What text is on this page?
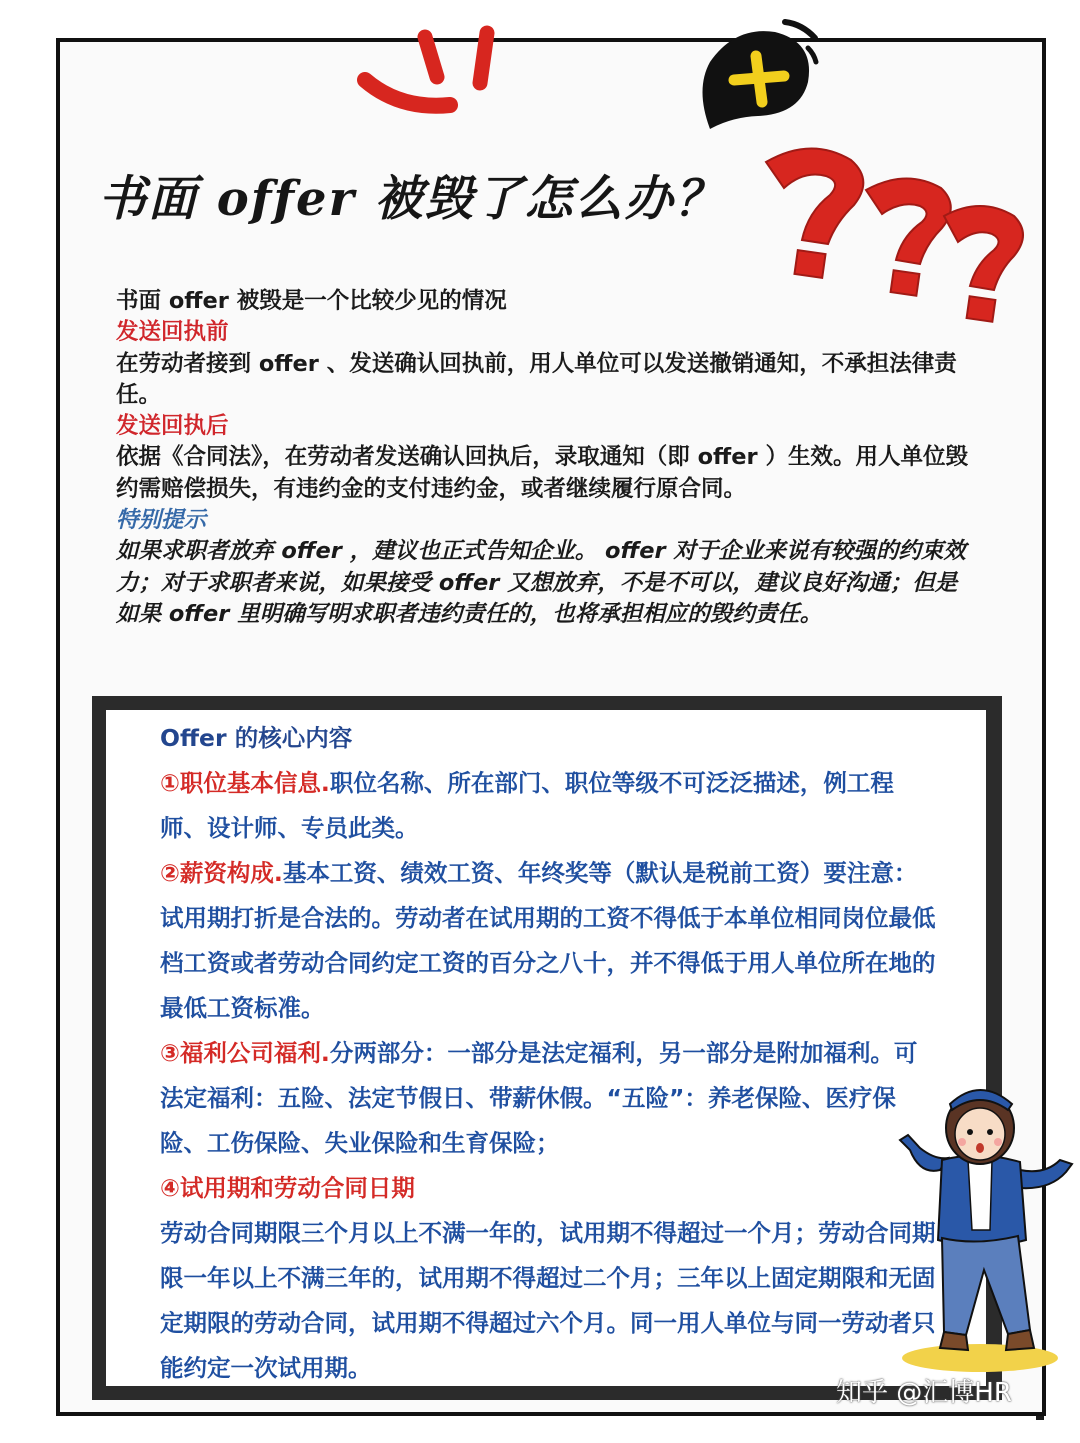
书面 offer 被毁了怎么办？

书面 offer 被毁是一个比较少见的情况

发送回执前

在劳动者接到 offer 、发送确认回执前，用人单位可以发送撤销通知，不承担法律责任。

发送回执后

依据《合同法》，在劳动者发送确认回执后，录取通知（即 offer ）生效。用人单位毁约需赔偿损失，有违约金的支付违约金，或者继续履行原合同。

特别提示

如果求职者放弃 offer ，建议也正式告知企业。 offer 对于企业来说有较强的约束效力；对于求职者来说，如果接受 offer 又想放弃，不是不可以，建议良好沟通；但是如果 offer 里明确写明求职者违约责任的，也将承担相应的毁约责任。

Offer 的核心内容

①职位基本信息.职位名称、所在部门、职位等级不可泛泛描述，例工程师、设计师、专员此类。

②薪资构成.基本工资、绩效工资、年终奖等（默认是税前工资）要注意：试用期打折是合法的。劳动者在试用期的工资不得低于本单位相同岗位最低档工资或者劳动合同约定工资的百分之八十，并不得低于用人单位所在地的最低工资标准。

③福利公司福利.分两部分：一部分是法定福利，另一部分是附加福利。可法定福利：五险、法定节假日、带薪休假。“五险”：养老保险、医疗保险、工伤保险、失业保险和生育保险；

④试用期和劳动合同日期

劳动合同期限三个月以上不满一年的，试用期不得超过一个月；劳动合同期限一年以上不满三年的，试用期不得超过二个月；三年以上固定期限和无固定期限的劳动合同，试用期不得超过六个月。同一用人单位与同一劳动者只能约定一次试用期。

知乎 @汇博HR
